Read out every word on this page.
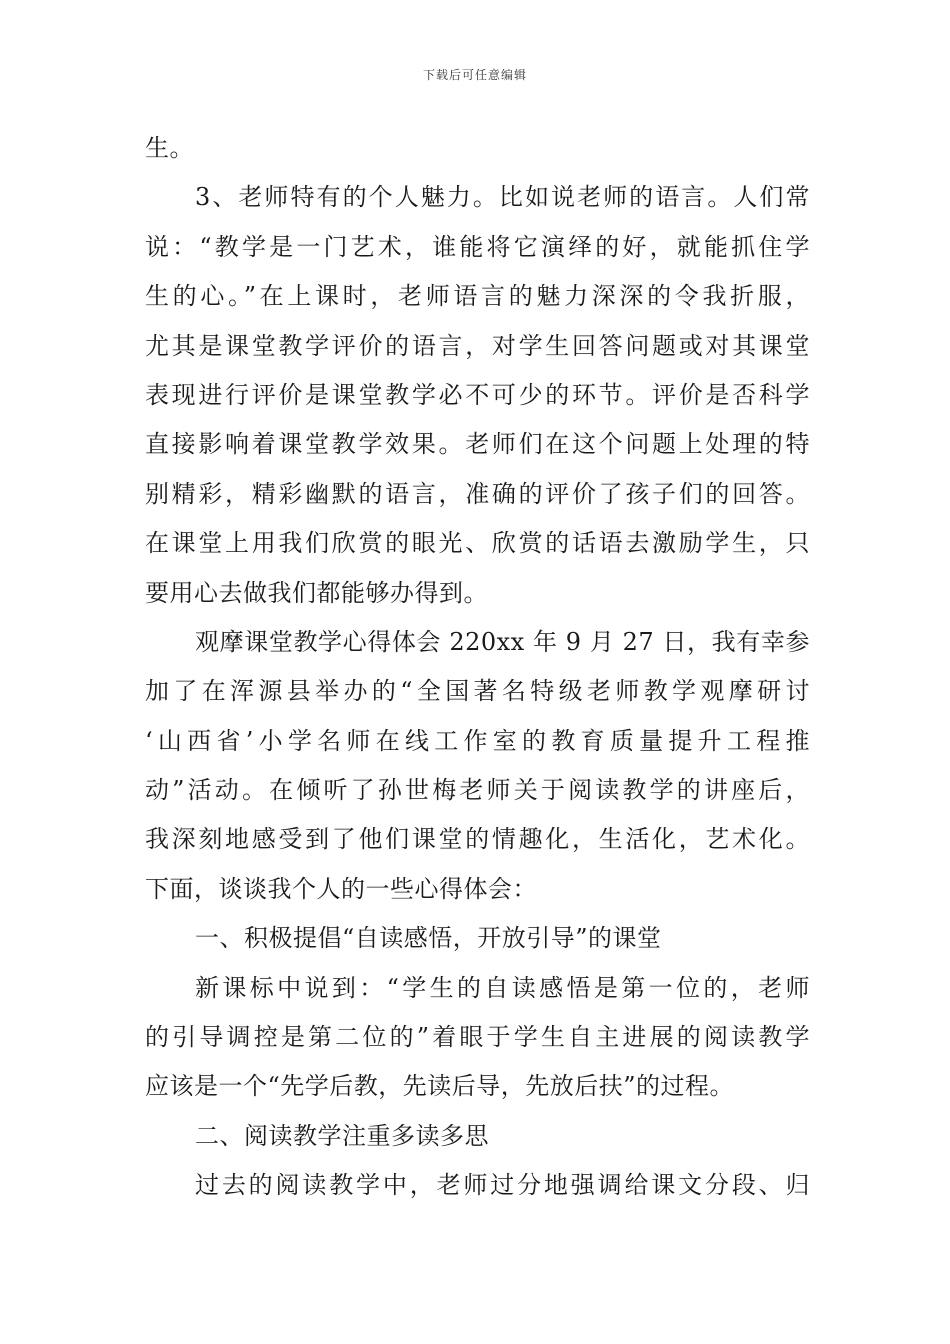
下载后可任意编辑
生。
3、老师特有的个人魅力。比如说老师的语言。人们常
说：“教学是一门艺术，谁能将它演绎的好，就能抓住学
生的心。”在上课时，老师语言的魅力深深的令我折服，
尤其是课堂教学评价的语言，对学生回答问题或对其课堂
表现进行评价是课堂教学必不可少的环节。评价是否科学
直接影响着课堂教学效果。老师们在这个问题上处理的特
别精彩，精彩幽默的语言，准确的评价了孩子们的回答。
在课堂上用我们欣赏的眼光、欣赏的话语去激励学生，只
要用心去做我们都能够办得到。
观摩课堂教学心得体会 220xx 年 9 月 27 日，我有幸参
加了在浑源县举办的“全国著名特级老师教学观摩研讨
‘山西省’小学名师在线工作室的教育质量提升工程推
动”活动。在倾听了孙世梅老师关于阅读教学的讲座后，
我深刻地感受到了他们课堂的情趣化，生活化，艺术化。
下面，谈谈我个人的一些心得体会：
一、积极提倡“自读感悟，开放引导”的课堂
新课标中说到：“学生的自读感悟是第一位的，老师
的引导调控是第二位的”着眼于学生自主进展的阅读教学
应该是一个“先学后教，先读后导，先放后扶”的过程。
二、阅读教学注重多读多思
过去的阅读教学中，老师过分地强调给课文分段、归
